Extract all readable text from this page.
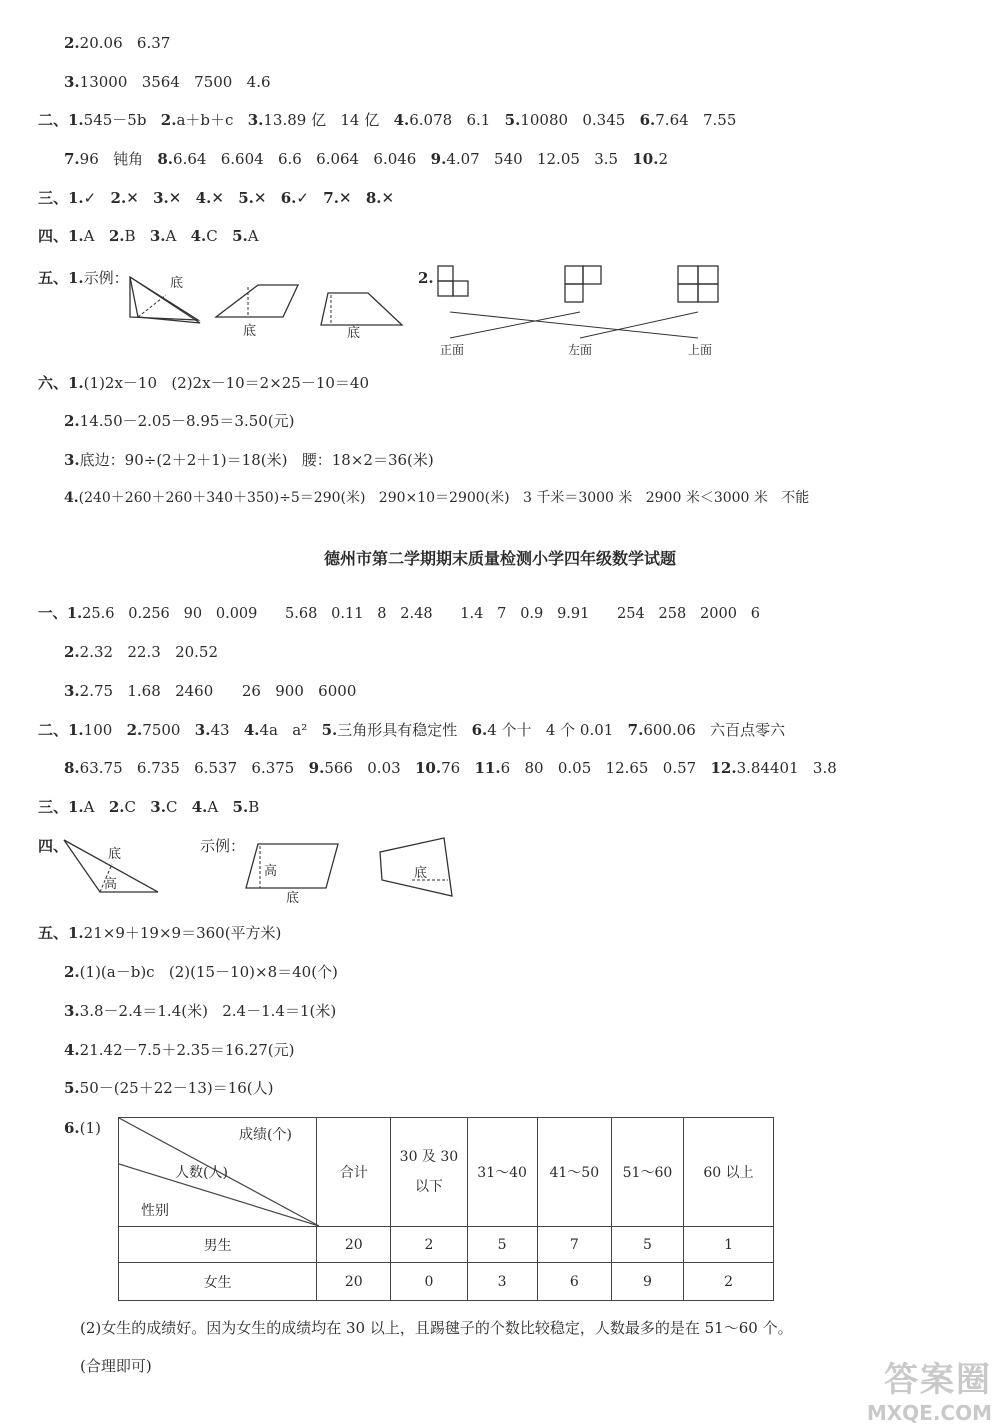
2.20.06   6.37
3.13000   3564   7500   4.6
二、1.545－5b   2.a＋b＋c   3.13.89 亿   14 亿   4.6.078   6.1   5.10080   0.345   6.7.64   7.55
7.96   钝角   8.6.64   6.604   6.6   6.064   6.046   9.4.07   540   12.05   3.5   10.2
三、1.✓   2.✕   3.✕   4.✕   5.✕   6.✓   7.✕   8.✕
四、1.A   2.B   3.A   4.C   5.A
五、1.示例：	2.
底
底	底
正面	左面	上面
六、1.(1)2x－10   (2)2x－10＝2×25－10＝40
2.14.50－2.05－8.95＝3.50(元)
3.底边：90÷(2＋2＋1)＝18(米)   腰：18×2＝36(米)
4.(240＋260＋260＋340＋350)÷5＝290(米)   290×10＝2900(米)   3 千米＝3000 米   2900 米＜3000 米   不能
德州市第二学期期末质量检测小学四年级数学试题
一、1.25.6   0.256   90   0.009      5.68   0.11   8   2.48      1.4   7   0.9   9.91      254   258   2000   6
2.2.32   22.3   20.52
3.2.75   1.68   2460      26   900   6000
二、1.100   2.7500   3.43   4.4a   a²   5.三角形具有稳定性   6.4 个十   4 个 0.01   7.600.06   六百点零六
8.63.75   6.735   6.537   6.375   9.566   0.03   10.76   11.6   80   0.05   12.65   0.57   12.3.84401   3.8
三、1.A   2.C   3.C   4.A   5.B
四、	示例：
底
高
高
底
底
五、1.21×9＋19×9＝360(平方米)
2.(1)(a－b)c   (2)(15－10)×8＝40(个)
3.3.8－2.4＝1.4(米)   2.4－1.4＝1(米)
4.21.42－7.5＋2.35＝16.27(元)
5.50－(25＋22－13)＝16(人)
6.(1)	成绩(个)
人数(人)
性别	合计	30 及 30 以下	31～40	41～50	51～60	60 以上
男生	20	2	5	7	5	1
女生	20	0	3	6	9	2
(2)女生的成绩好。因为女生的成绩均在 30 以上，且踢毽子的个数比较稳定，人数最多的是在 51～60 个。
(合理即可)	答案圈
MXQE.COM
